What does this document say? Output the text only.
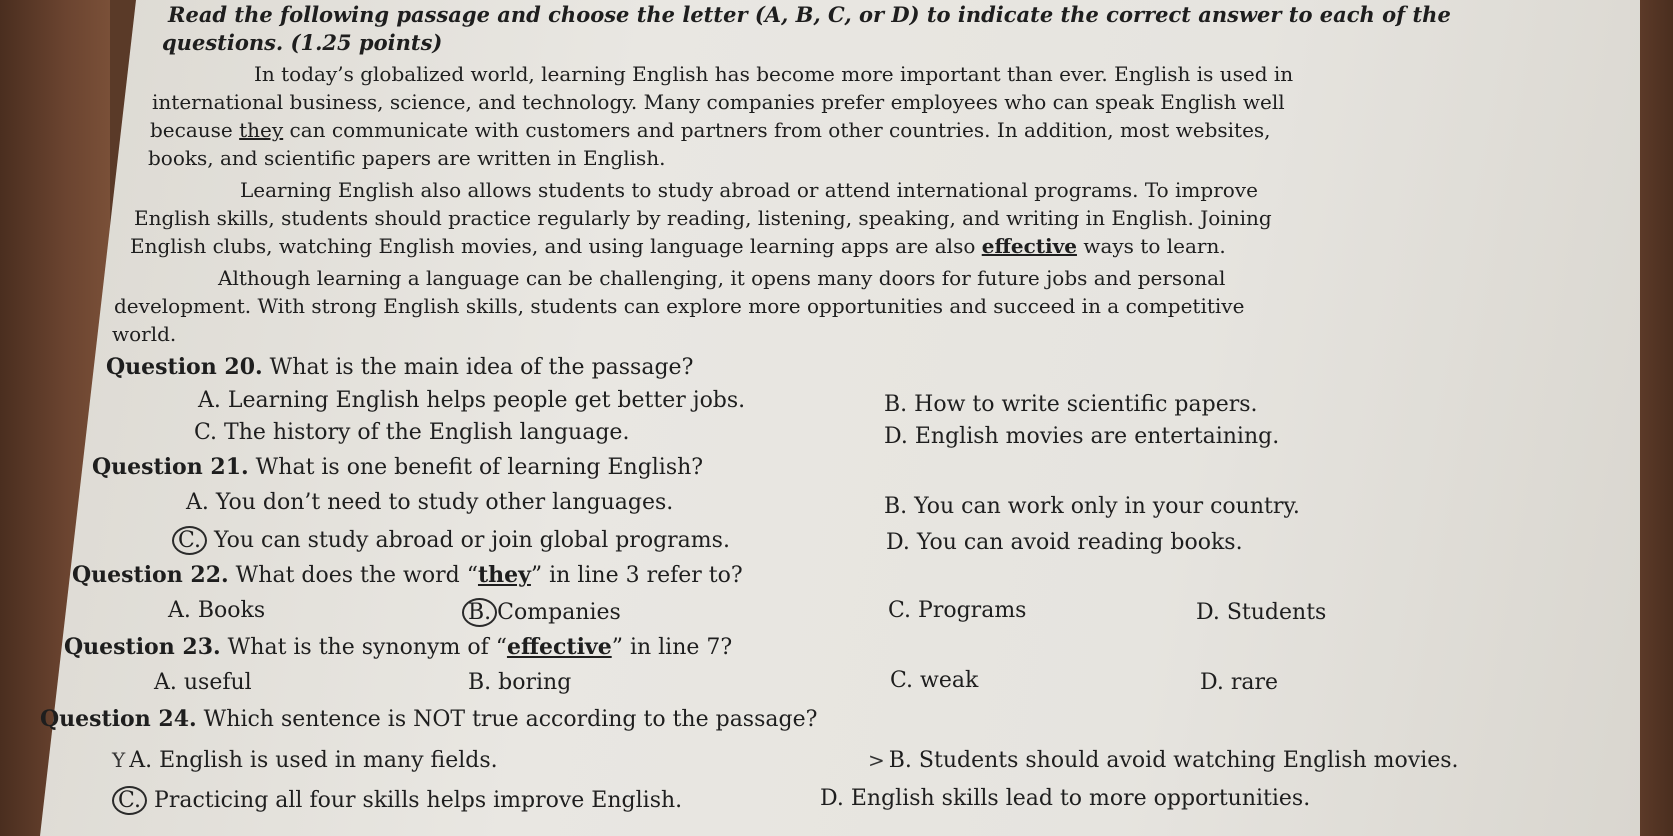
Read the following passage and choose the letter (A, B, C, or D) to indicate the correct answer to each of the
questions. (1.25 points)
In today’s globalized world, learning English has become more important than ever. English is used in
international business, science, and technology. Many companies prefer employees who can speak English well
because they can communicate with customers and partners from other countries. In addition, most websites,
books, and scientific papers are written in English.
Learning English also allows students to study abroad or attend international programs. To improve
English skills, students should practice regularly by reading, listening, speaking, and writing in English. Joining
English clubs, watching English movies, and using language learning apps are also effective ways to learn.
Although learning a language can be challenging, it opens many doors for future jobs and personal
development. With strong English skills, students can explore more opportunities and succeed in a competitive
world.
Question 20. What is the main idea of the passage?
A. Learning English helps people get better jobs.	B. How to write scientific papers.
C. The history of the English language.	D. English movies are entertaining.
Question 21. What is one benefit of learning English?
A. You don’t need to study other languages.	B. You can work only in your country.
C. You can study abroad or join global programs.	D. You can avoid reading books.
Question 22. What does the word “they” in line 3 refer to?
A. Books	B. Companies	C. Programs	D. Students
Question 23. What is the synonym of “effective” in line 7?
A. useful	B. boring	C. weak	D. rare
Question 24. Which sentence is NOT true according to the passage?
Y A. English is used in many fields.	> B. Students should avoid watching English movies.
C. Practicing all four skills helps improve English.	D. English skills lead to more opportunities.
